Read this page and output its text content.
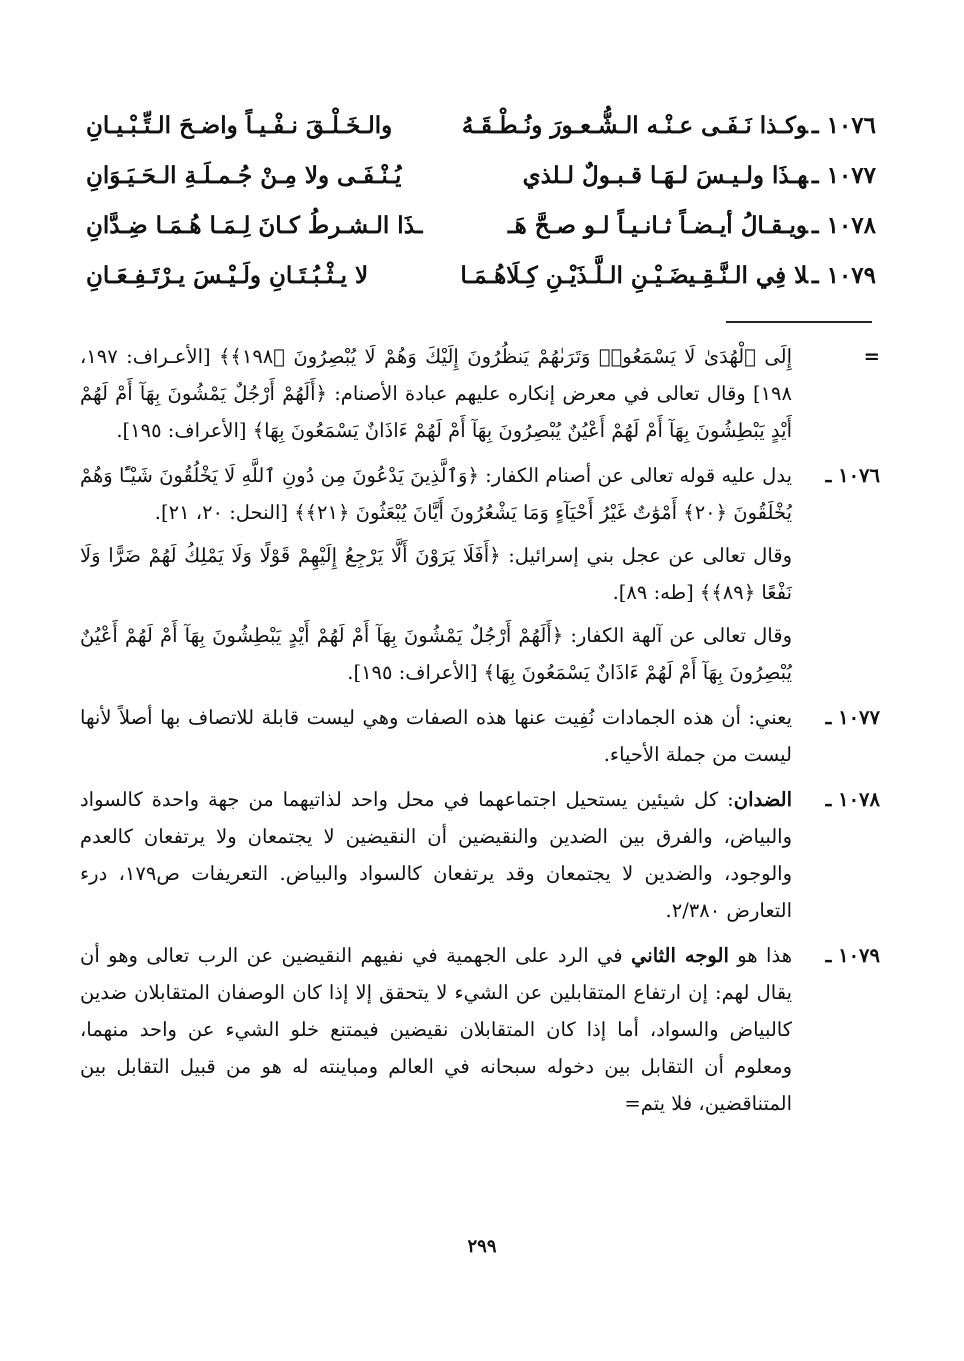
١٠٧٦ ـوكـذا نَـفَـى عـنْـه الـشُّـعـورَ ونُـطْـقَـهُ
والـخَـلْـقَ نـفْـيـاً واضـحَ الـتِّـبْـيـانِ
١٠٧٧ ـهـذَا ولـيـسَ لـهَـا قـبـولٌ لـلذي
يُـنْـفَـى ولا مِـنْ جُـمـلَـةِ الـحَـيَـوَانِ
١٠٧٨ ـويـقـالُ أيـضـاً ثـانـيـاً لـو صـحَّ هَـ
ـذَا الـشـرطُ كـانَ لِـمَـا هُـمَـا ضِـدَّانِ
١٠٧٩ ـلا فِي الـنَّـقِـيضَـيْـنِ الـلَّـذَيْـنِ كِـلَاهُـمَـا
لا يـثْـبُـتَـانِ ولَـيْـسَ يـرْتَـفِـعَـانِ
=

إِلَى ٱلْهُدَىٰ لَا يَسْمَعُوا۟ وَتَرَىٰهُمْ يَنظُرُونَ إِلَيْكَ وَهُمْ لَا يُبْصِرُونَ ﴿١٩٨﴾﴾ [الأعـراف: ١٩٧، ١٩٨] وقال تعالى في معرض إنكاره عليهم عبادة الأصنام: ﴿أَلَهُمْ أَرْجُلٌ يَمْشُونَ بِهَآ أَمْ لَهُمْ أَيْدٍ يَبْطِشُونَ بِهَآ أَمْ لَهُمْ أَعْيُنٌ يُبْصِرُونَ بِهَآ أَمْ لَهُمْ ءَاذَانٌ يَسْمَعُونَ بِهَا﴾ [الأعراف: ١٩٥].

١٠٧٦ ـ

يدل عليه قوله تعالى عن أصنام الكفار: ﴿وَٱلَّذِينَ يَدْعُونَ مِن دُونِ ٱللَّهِ لَا يَخْلُقُونَ شَيْـًٔا وَهُمْ يُخْلَقُونَ ﴿٢٠﴾ أَمْوَٰتٌ غَيْرُ أَحْيَآءٍ وَمَا يَشْعُرُونَ أَيَّانَ يُبْعَثُونَ ﴿٢١﴾﴾ [النحل: ٢٠، ٢١].

وقال تعالى عن عجل بني إسرائيل: ﴿أَفَلَا يَرَوْنَ أَلَّا يَرْجِعُ إِلَيْهِمْ قَوْلًا وَلَا يَمْلِكُ لَهُمْ ضَرًّا وَلَا نَفْعًا ﴿٨٩﴾﴾ [طه: ٨٩].

وقال تعالى عن آلهة الكفار: ﴿أَلَهُمْ أَرْجُلٌ يَمْشُونَ بِهَآ أَمْ لَهُمْ أَيْدٍ يَبْطِشُونَ بِهَآ أَمْ لَهُمْ أَعْيُنٌ يُبْصِرُونَ بِهَآ أَمْ لَهُمْ ءَاذَانٌ يَسْمَعُونَ بِهَا﴾ [الأعراف: ١٩٥].

١٠٧٧ ـ

يعني: أن هذه الجمادات نُفِيت عنها هذه الصفات وهي ليست قابلة للاتصاف بها أصلاً لأنها ليست من جملة الأحياء.

١٠٧٨ ـ

الضدان: كل شيئين يستحيل اجتماعهما في محل واحد لذاتيهما من جهة واحدة كالسواد والبياض، والفرق بين الضدين والنقيضين أن النقيضين لا يجتمعان ولا يرتفعان كالعدم والوجود، والضدين لا يجتمعان وقد يرتفعان كالسواد والبياض. التعريفات ص١٧٩، درء التعارض ٢/٣٨٠.

١٠٧٩ ـ

هذا هو الوجه الثاني في الرد على الجهمية في نفيهم النقيضين عن الرب تعالى وهو أن يقال لهم: إن ارتفاع المتقابلين عن الشيء لا يتحقق إلا إذا كان الوصفان المتقابلان ضدين كالبياض والسواد، أما إذا كان المتقابلان نقيضين فيمتنع خلو الشيء عن واحد منهما، ومعلوم أن التقابل بين دخوله سبحانه في العالم ومباينته له هو من قبيل التقابل بين المتناقضين، فلا يتم=

٢٩٩
